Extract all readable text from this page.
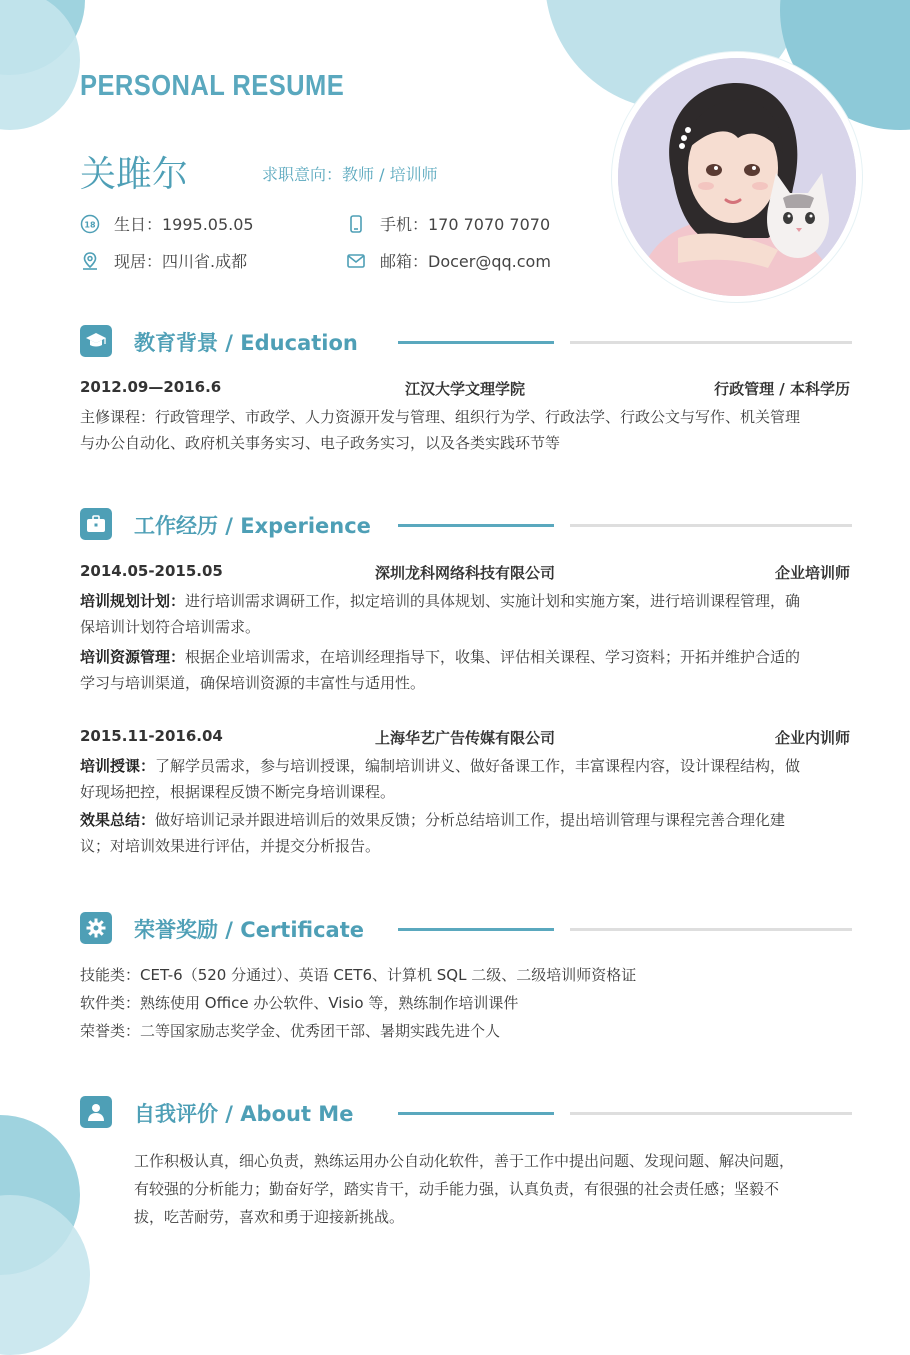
PERSONAL RESUME
关雎尔	求职意向：教师 / 培训师
18 生日：1995.05.05	手机：170 7070 7070
现居：四川省.成都	邮箱：Docer@qq.com
教育背景 / Education
2012.09—2016.6	江汉大学文理学院	行政管理 / 本科学历

主修课程：行政管理学、市政学、人力资源开发与管理、组织行为学、行政法学、行政公文与写作、机关管理

与办公自动化、政府机关事务实习、电子政务实习，以及各类实践环节等

工作经历 / Experience
2014.05-2015.05	深圳龙科网络科技有限公司	企业培训师

培训规划计划：进行培训需求调研工作，拟定培训的具体规划、实施计划和实施方案，进行培训课程管理，确

保培训计划符合培训需求。

培训资源管理：根据企业培训需求，在培训经理指导下，收集、评估相关课程、学习资料；开拓并维护合适的

学习与培训渠道，确保培训资源的丰富性与适用性。

2015.11-2016.04	上海华艺广告传媒有限公司	企业内训师

培训授课：了解学员需求，参与培训授课，编制培训讲义、做好备课工作，丰富课程内容，设计课程结构，做

好现场把控，根据课程反馈不断完身培训课程。

效果总结：做好培训记录并跟进培训后的效果反馈；分析总结培训工作，提出培训管理与课程完善合理化建

议；对培训效果进行评估，并提交分析报告。

荣誉奖励 / Certificate

技能类：CET-6（520 分通过）、英语 CET6、计算机 SQL 二级、二级培训师资格证

软件类：熟练使用 Office 办公软件、Visio 等，熟练制作培训课件

荣誉类：二等国家励志奖学金、优秀团干部、暑期实践先进个人

自我评价 / About Me

工作积极认真，细心负责，熟练运用办公自动化软件，善于工作中提出问题、发现问题、解决问题，

有较强的分析能力；勤奋好学，踏实肯干，动手能力强，认真负责，有很强的社会责任感；坚毅不

拔，吃苦耐劳，喜欢和勇于迎接新挑战。
